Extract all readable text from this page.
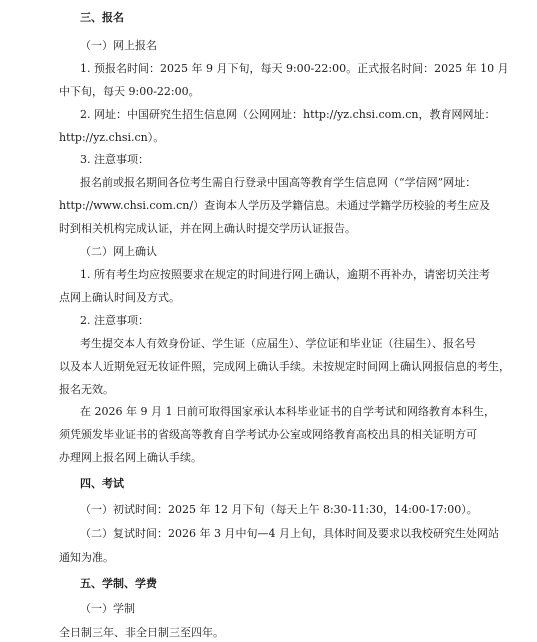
三、报名
（一）网上报名
1. 预报名时间：2025 年 9 月下旬，每天 9:00-22:00。正式报名时间：2025 年 10 月
中下旬，每天 9:00-22:00。
2. 网址：中国研究生招生信息网（公网网址：http://yz.chsi.com.cn，教育网网址：
http://yz.chsi.cn）。
3. 注意事项：
报名前或报名期间各位考生需自行登录中国高等教育学生信息网（“学信网”网址：
http://www.chsi.com.cn/）查询本人学历及学籍信息。未通过学籍学历校验的考生应及
时到相关机构完成认证，并在网上确认时提交学历认证报告。
（二）网上确认
1. 所有考生均应按照要求在规定的时间进行网上确认，逾期不再补办，请密切关注考
点网上确认时间及方式。
2. 注意事项：
考生提交本人有效身份证、学生证（应届生）、学位证和毕业证（往届生）、报名号
以及本人近期免冠无妆证件照，完成网上确认手续。未按规定时间网上确认网报信息的考生，
报名无效。
在 2026 年 9 月 1 日前可取得国家承认本科毕业证书的自学考试和网络教育本科生，
须凭颁发毕业证书的省级高等教育自学考试办公室或网络教育高校出具的相关证明方可
办理网上报名网上确认手续。
四、考试
（一）初试时间：2025 年 12 月下旬（每天上午 8:30-11:30，14:00-17:00）。
（二）复试时间：2026 年 3 月中旬—4 月上旬，具体时间及要求以我校研究生处网站
通知为准。
五、学制、学费
（一）学制
全日制三年、非全日制三至四年。
